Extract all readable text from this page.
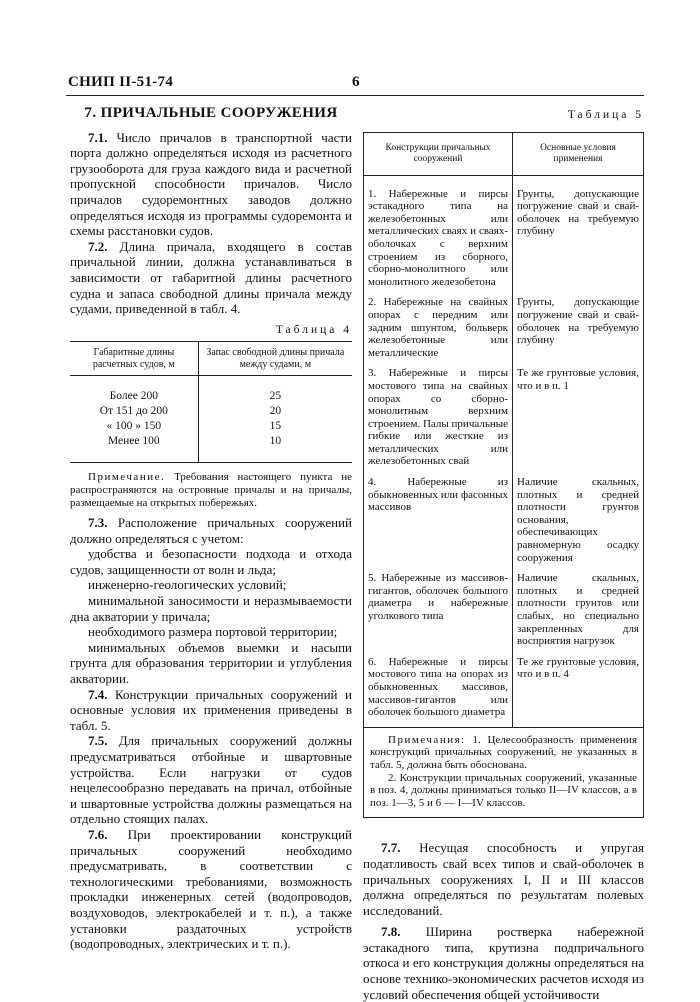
СНИП II-51-74	6
7. ПРИЧАЛЬНЫЕ СООРУЖЕНИЯ

7.1. Число причалов в транспортной части порта должно определяться исходя из расчетного грузооборота для груза каждого вида и расчетной пропускной способности причалов. Число причалов судоремонтных заводов должно определяться исходя из программы судоремонта и схемы расстановки судов.

7.2. Длина причала, входящего в состав причальной линии, должна устанавливаться в зависимости от габаритной длины расчетного судна и запаса свободной длины причала между судами, приведенной в табл. 4.

Таблица 4
Габаритные длины расчетных судов, м	Запас свободной длины причала между судами, м
Более 200	25
От 151 до 200	20
« 100 » 150	15
Менее 100	10

Примечание. Требования настоящего пункта не распространяются на островные причалы и на причалы, размещаемые на открытых побережьях.

7.3. Расположение причальных сооружений должно определяться с учетом:

удобства и безопасности подхода и отхода судов, защищенности от волн и льда;

инженерно-геологических условий;

минимальной заносимости и неразмываемости дна акватории у причала;

необходимого размера портовой территории;

минимальных объемов выемки и насыпи грунта для образования территории и углубления акватории.

7.4. Конструкции причальных сооружений и основные условия их применения приведены в табл. 5.

7.5. Для причальных сооружений должны предусматриваться отбойные и швартовные устройства. Если нагрузки от судов нецелесообразно передавать на причал, отбойные и швартовные устройства должны размещаться на отдельно стоящих палах.

7.6. При проектировании конструкций причальных сооружений необходимо предусматривать, в соответствии с технологическими требованиями, возможность прокладки инженерных сетей (водопроводов, воздуховодов, электрокабелей и т. п.), а также установки раздаточных устройств (водопроводных, электрических и т. п.).

Таблица 5
Конструкции причальных сооружений	Основные условия применения
1. Набережные и пирсы эстакадного типа на железобетонных или металлических сваях и сваях-оболочках с верхним строением из сборного, сборно-монолитного или монолитного железобетона	Грунты, допускающие погружение свай и свай-оболочек на требуемую глубину
2. Набережные на свайных опорах с передним или задним шпунтом, больверк железобетонные или металлические	Грунты, допускающие погружение свай и свай-оболочек на требуемую глубину
3. Набережные и пирсы мостового типа на свайных опорах со сборно-монолитным верхним строением. Палы причальные гибкие или жесткие из металлических или железобетонных свай	Те же грунтовые условия, что и в п. 1
4. Набережные из обыкновенных или фасонных массивов	Наличие скальных, плотных и средней плотности грунтов основания, обеспечивающих равномерную осадку сооружения
5. Набережные из массивов-гигантов, оболочек большого диаметра и набережные уголкового типа	Наличие скальных, плотных и средней плотности грунтов или слабых, но специально закрепленных для восприятия нагрузок
6. Набережные и пирсы мостового типа на опорах из обыкновенных массивов, массивов-гигантов или оболочек большого диаметра	Те же грунтовые условия, что и в п. 4

Примечания: 1. Целесообразность применения конструкций причальных сооружений, не указанных в табл. 5, должна быть обоснована.

2. Конструкции причальных сооружений, указанные в поз. 4, должны приниматься только II—IV классов, а в поз. 1—3, 5 и 6 — I—IV классов.

7.7. Несущая способность и упругая податливость свай всех типов и свай-оболочек в причальных сооружениях I, II и III классов должна определяться по результатам полевых исследований.

7.8. Ширина ростверка набережной эстакадного типа, крутизна подпричального откоса и его конструкция должны определяться на основе технико-экономических расчетов исходя из условий обеспечения общей устойчивости
